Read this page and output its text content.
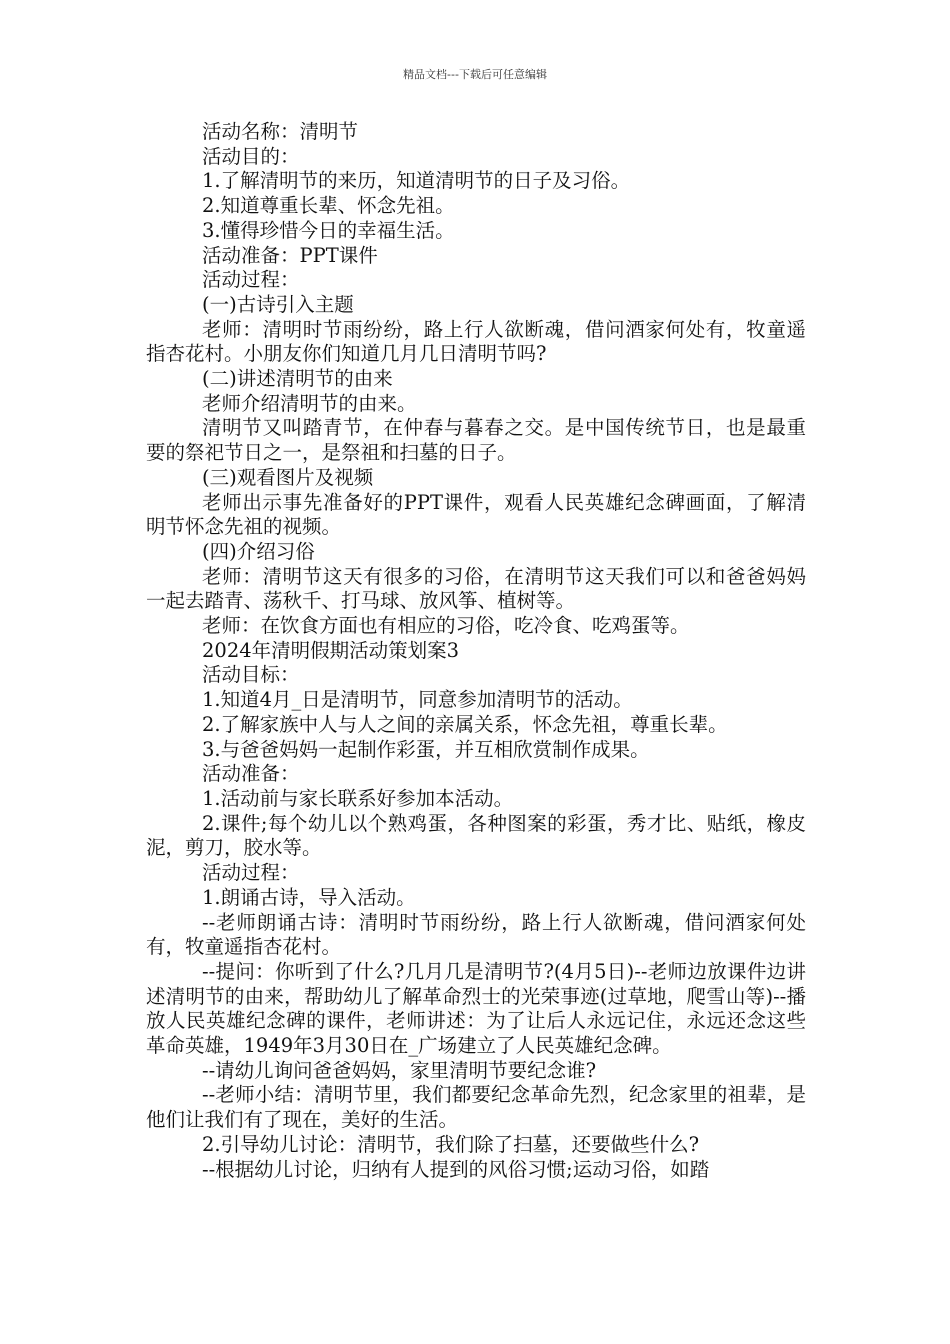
精品文档---下载后可任意编辑

活动名称：清明节

活动目的：

1.了解清明节的来历，知道清明节的日子及习俗。

2.知道尊重长辈、怀念先祖。

3.懂得珍惜今日的幸福生活。

活动准备：PPT课件

活动过程：

(一)古诗引入主题

老师：清明时节雨纷纷，路上行人欲断魂，借问酒家何处有，牧童遥指杏花村。小朋友你们知道几月几日清明节吗?

(二)讲述清明节的由来

老师介绍清明节的由来。

清明节又叫踏青节，在仲春与暮春之交。是中国传统节日，也是最重要的祭祀节日之一，是祭祖和扫墓的日子。

(三)观看图片及视频

老师出示事先准备好的PPT课件，观看人民英雄纪念碑画面，了解清明节怀念先祖的视频。

(四)介绍习俗

老师：清明节这天有很多的习俗，在清明节这天我们可以和爸爸妈妈一起去踏青、荡秋千、打马球、放风筝、植树等。

老师：在饮食方面也有相应的习俗，吃冷食、吃鸡蛋等。

2024年清明假期活动策划案3

活动目标：

1.知道4月_日是清明节，同意参加清明节的活动。

2.了解家族中人与人之间的亲属关系，怀念先祖，尊重长辈。

3.与爸爸妈妈一起制作彩蛋，并互相欣赏制作成果。

活动准备：

1.活动前与家长联系好参加本活动。

2.课件;每个幼儿以个熟鸡蛋，各种图案的彩蛋，秀才比、贴纸，橡皮泥，剪刀，胶水等。

活动过程：

1.朗诵古诗，导入活动。

--老师朗诵古诗：清明时节雨纷纷，路上行人欲断魂，借问酒家何处有，牧童遥指杏花村。

--提问：你听到了什么?几月几是清明节?(4月5日)--老师边放课件边讲述清明节的由来，帮助幼儿了解革命烈士的光荣事迹(过草地，爬雪山等)--播放人民英雄纪念碑的课件，老师讲述：为了让后人永远记住，永远还念这些革命英雄，1949年3月30日在_广场建立了人民英雄纪念碑。

--请幼儿询问爸爸妈妈，家里清明节要纪念谁?

--老师小结：清明节里，我们都要纪念革命先烈，纪念家里的祖辈，是他们让我们有了现在，美好的生活。

2.引导幼儿讨论：清明节，我们除了扫墓，还要做些什么?

--根据幼儿讨论，归纳有人提到的风俗习惯;运动习俗，如踏
